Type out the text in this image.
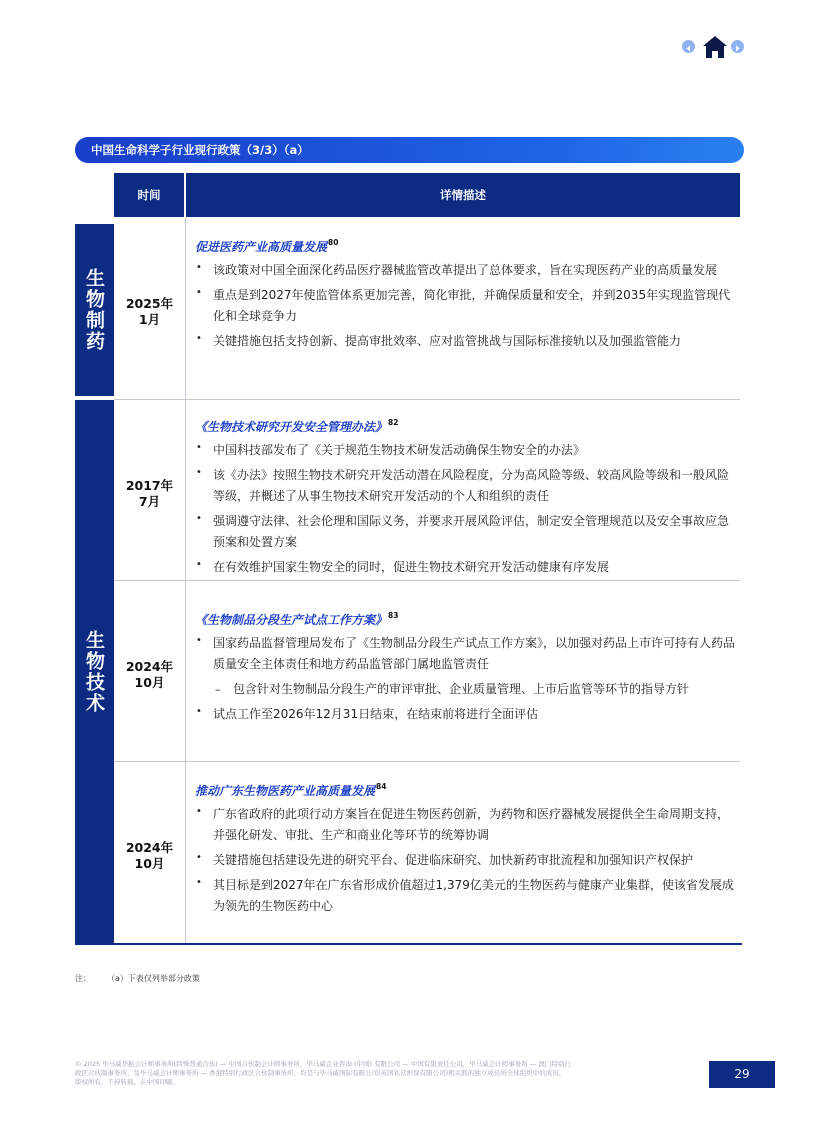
中国生命科学子行业现行政策（3/3）（a）
时间	详情描述
生物制药
生物技术
2025年
1月
促进医药产业高质量发展$^{80}$
• 该政策对中国全面深化药品医疗器械监管改革提出了总体要求，旨在实现医药产业的高质量发展
• 重点是到2027年使监管体系更加完善，简化审批，并确保质量和安全，并到2035年实现监管现代化和全球竞争力
• 关键措施包括支持创新、提高审批效率、应对监管挑战与国际标准接轨以及加强监管能力
2017年
7月
《生物技术研究开发安全管理办法》$^{82}$
• 中国科技部发布了《关于规范生物技术研发活动确保生物安全的办法》
• 该《办法》按照生物技术研究开发活动潜在风险程度，分为高风险等级、较高风险等级和一般风险等级，并概述了从事生物技术研究开发活动的个人和组织的责任
• 强调遵守法律、社会伦理和国际义务，并要求开展风险评估，制定安全管理规范以及安全事故应急预案和处置方案
• 在有效维护国家生物安全的同时，促进生物技术研究开发活动健康有序发展
2024年
10月
《生物制品分段生产试点工作方案》$^{83}$
• 国家药品监督管理局发布了《生物制品分段生产试点工作方案》，以加强对药品上市许可持有人药品质量安全主体责任和地方药品监管部门属地监管责任
– 包含针对生物制品分段生产的审评审批、企业质量管理、上市后监管等环节的指导方针
• 试点工作至2026年12月31日结束，在结束前将进行全面评估
2024年
10月
推动广东生物医药产业高质量发展$^{84}$
• 广东省政府的此项行动方案旨在促进生物医药创新，为药物和医疗器械发展提供全生命周期支持，并强化研发、审批、生产和商业化等环节的统筹协调
• 关键措施包括建设先进的研究平台、促进临床研究、加快新药审批流程和加强知识产权保护
• 其目标是到2027年在广东省形成价值超过1,379亿美元的生物医药与健康产业集群，使该省发展成为领先的生物医药中心
注：	（a）下表仅列举部分政策
© 2025 毕马威华振会计师事务所(特殊普通合伙) — 中国合伙制会计师事务所，毕马威企业咨询 (中国) 有限公司 — 中国有限责任公司，毕马威会计师事务所 — 澳门特别行
政区合伙制事务所，及毕马威会计师事务所 — 香港特别行政区合伙制事务所，均是与毕马威国际有限公司(英国私营担保有限公司)相关联的独立成员所全球组织中的成员。
版权所有，不得转载。在中国印刷。
29
